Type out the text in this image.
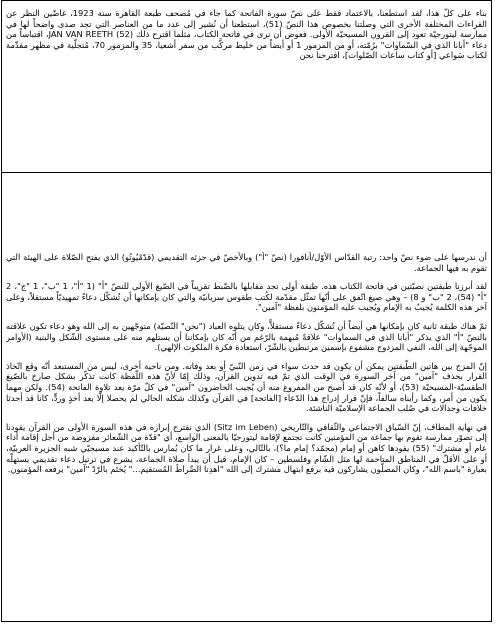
بناء على كلّ هذا، لقد استطعنا، بالاعتماد فقط على نصّ سورة الفاتحة كما جاء في مُصحف طبعة القاهرة سنة 1923، غاضّين النظر عن القراءات المختلفة الأخرى التي وصلتنا بخصوص هذا النصّ (51)، استطعنا أن نُشير إلى عدد ما من العناصر التي تجد صدى واضحاً لها في ممارسة ليتورجيّة تعود إلى القرون المسيحيّة الأولى. فعوض أن نرى في فاتحة الكتاب، مثلما اقترح ذلك (52) JAN VAN REETH، اقتباساً من دعاء "أبانا الذي في السّماوات" برُمّته، أو من المزمور 1 أو أيضاً من خليط مركَّب من سفر أشعيا، 35 والمزمور 70، مُتجلّية في مظهر مقدِّمة لكتاب سَواعي [أو كتاب ساعات الصّلوات]، اقترحنا نحن

أن ندرسها على ضوء نصّ واحد: رتبة القدّاس الأوّل/أنافورا (نصّ "أ") وبالأخصّ في جزئه التقديمي (قدّمْيُوتُو) الذي يفتح الصّلاة على الهيئة التي تقوم به فيها الجماعة.

لقد أبرزنا طبقتين نصيّتين في فاتحة الكتاب هذه. طبقة أولى تجد مقابلها بالضّبط تقريباً في الصّيغ الأولى للنصّ "أ" (1 "أ"، 1 "ب"، 1 "ج"، 2 "أ" (54)، 2 "ب" و 8) – وهي صيغ اتّفق على أنّها تمثّل مقدّمة لكُتب طقوس سريانيّة والتي كان بإمكانها أن تُشكّل دعاءً تمهيديّاً مستقلاً، وعلى آخر هذه الكلمة يُجيبُ به الإمام ويُجيب عليه المؤمنون بلفظة "آمين".

ثمّ هناك طبقة ثانية كان بإمكانها هي أيضاً أن تُشكّل دعاءً مستقلاًّ، وكان يتلوه العباد ("نحن" النّصيّة) متوجّهين به إلى الله وهو دعاء تكون علاقته بالنصّ "أ" الذي يذكر "أبانا الذي في السماوات" علاقةً مُبهمة بالرّغم من أنّه كان بإمكاننا أن يستلهم منه على مستوى الشّكل والبنية (الأوامر الموجّهة إلى الله، النفي المزدوج مشفوع بإسمين مرتبطين بالشّرّ، استعادة فكرة الملكوت الإلهي).

إنّ المزج بين هاتين الطّبقتين يمكن أن يكون قد حدث سواء في زمن النّبيّ أو بعد وفاته. ومن ناحية أخرى، ليس من المستبعد أنّه وقع اتّخاذ القرار بحذف "آمين" من آخر السورة في الوقت الذي تمّ فيه تدوين القرآن، وذلك إمّا لأنّ هذه اللّفظة كانت تذكّر بشكل صارخ بالصّيغ الطقسيّة-المسيحيّة (53)، أو لأنّه كان قد أصبح من المفروغ منه أن يُجيب الحاضرون "آمين" في كلّ مرّة يعد تلاوة الفاتحة (54). ولكن مهما يكون من أمر، وكما رأيناه سالفاً، فإنّ قرار إدراج هذا الدّعاء [الفاتحة] في القرآن وكذلك شكله الحالي لم يحصلا إلّا بعد أخذٍ وردٍّ، كانا قد أحدثا خلافات وجدالات في صُلب الجماعة الإسلاميّة الناشئة.

في نهاية المطاف، إنّ السّياق الاجتماعي والثّقافي والتّاريخي (Sitz im Leben) الذي نقترح إبرازه في هذه السورة الأولى من القرآن يقودنا إلى تصوّر ممارسة تقوم بها جماعة من المؤمنين كانت تجتمع لإقامة ليتورجيّا بالمعنى الواسع، أي "قدّة من الشّعائر مفروضة من أجل إقامة أداء عام أو مشترك" (55) يقودها كاهن أو إمام (محمّد؟ إمام ما؟)، بالتّالي، وعلى غرار ما كان يُمارس بالتّأكيد عند مسيحيّي شبه الجزيرة العربيّة، أو على الأقلّ في المناطق المتاخمة لها مثل الشّام وفلسطين – كان الإمام، قبل أن يبدأ صلاة الجماعة، يشرع في ترتيل دعاء تقديمي يستهلّه بعبارة "باسم الله"، وكان المصلّون يشاركون فيه برفع ابتهال مشترك إلى الله "اهدِنا الصِّراطَ المُستقيم..." يُختَم بالرّدّ "آمين" يرفعه المؤمنون.
